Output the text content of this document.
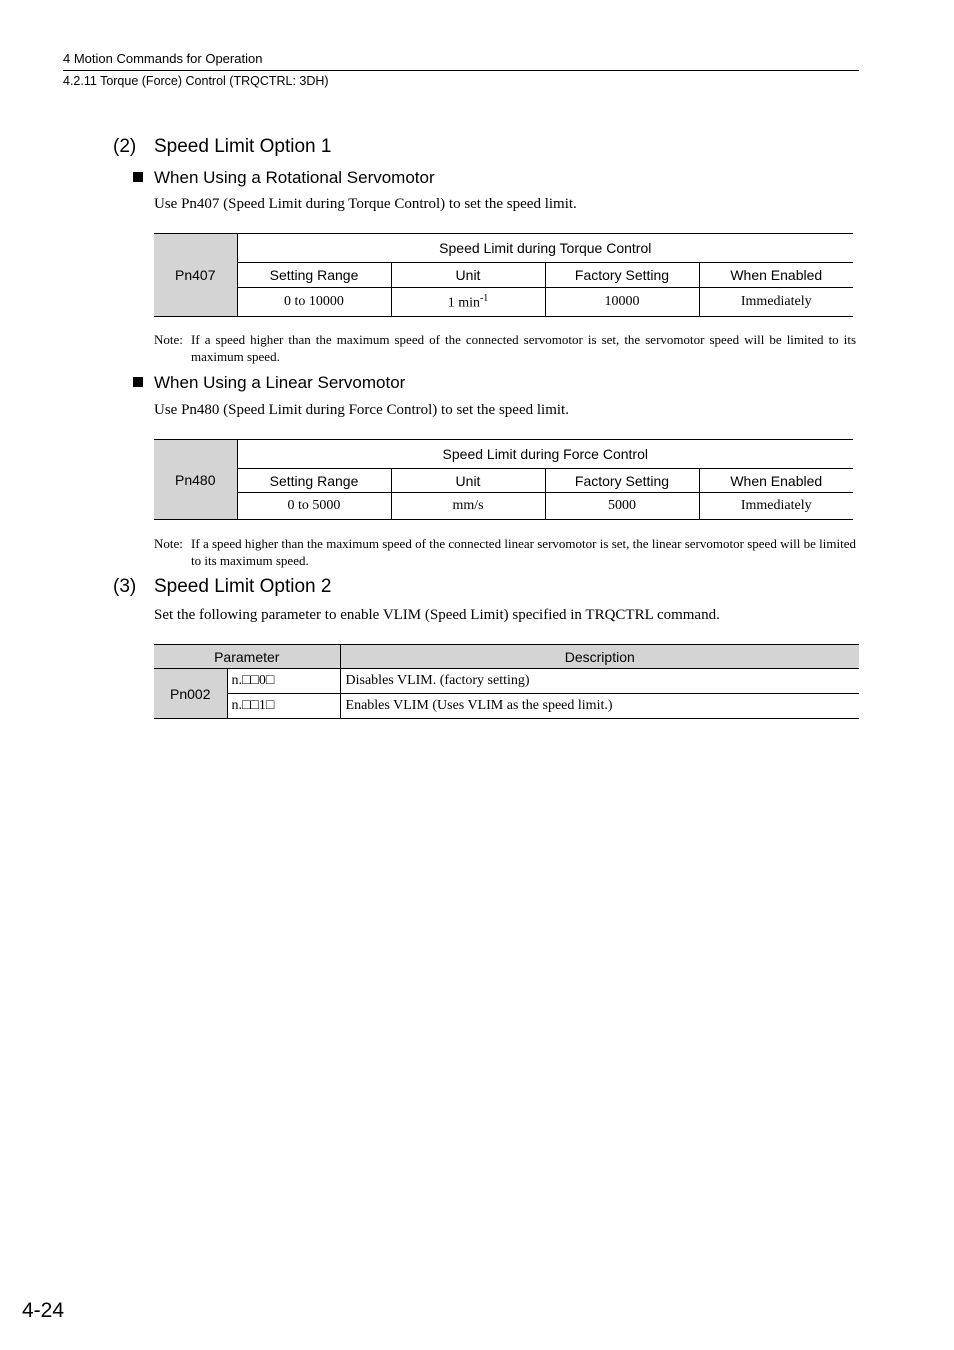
4 Motion Commands for Operation
4.2.11 Torque (Force) Control (TRQCTRL: 3DH)
(2) Speed Limit Option 1
When Using a Rotational Servomotor
Use Pn407 (Speed Limit during Torque Control) to set the speed limit.
Pn407	Speed Limit during Torque Control			
	Setting Range	Unit	Factory Setting	When Enabled
	0 to 10000	1 $\min^{-1}$	10000	Immediately
Note: If a speed higher than the maximum speed of the connected servomotor is set, the servomotor speed will be limited to its maximum speed.
When Using a Linear Servomotor
Use Pn480 (Speed Limit during Force Control) to set the speed limit.
Pn480	Speed Limit during Force Control			
	Setting Range	Unit	Factory Setting	When Enabled
	0 to 5000	mm/s	5000	Immediately
Note: If a speed higher than the maximum speed of the connected linear servomotor is set, the linear servomotor speed will be limited to its maximum speed.
(3) Speed Limit Option 2
Set the following parameter to enable VLIM (Speed Limit) specified in TRQCTRL command.
Parameter		Description
Pn002	n.□□0□	Disables VLIM. (factory setting)
	n.□□1□	Enables VLIM (Uses VLIM as the speed limit.)
4-24
